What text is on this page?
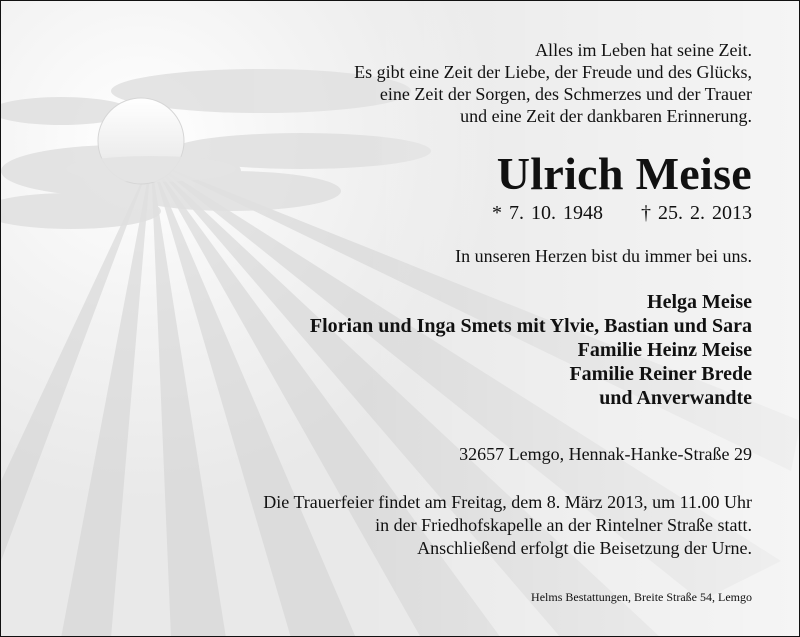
Alles im Leben hat seine Zeit.
Es gibt eine Zeit der Liebe, der Freude und des Glücks,
eine Zeit der Sorgen, des Schmerzes und der Trauer
und eine Zeit der dankbaren Erinnerung.
Ulrich Meise
* 7. 10. 1948 † 25. 2. 2013
In unseren Herzen bist du immer bei uns.
Helga Meise
Florian und Inga Smets mit Ylvie, Bastian und Sara
Familie Heinz Meise
Familie Reiner Brede
und Anverwandte
32657 Lemgo, Hennak-Hanke-Straße 29
Die Trauerfeier findet am Freitag, dem 8. März 2013, um 11.00 Uhr
in der Friedhofskapelle an der Rintelner Straße statt.
Anschließend erfolgt die Beisetzung der Urne.
Helms Bestattungen, Breite Straße 54, Lemgo
